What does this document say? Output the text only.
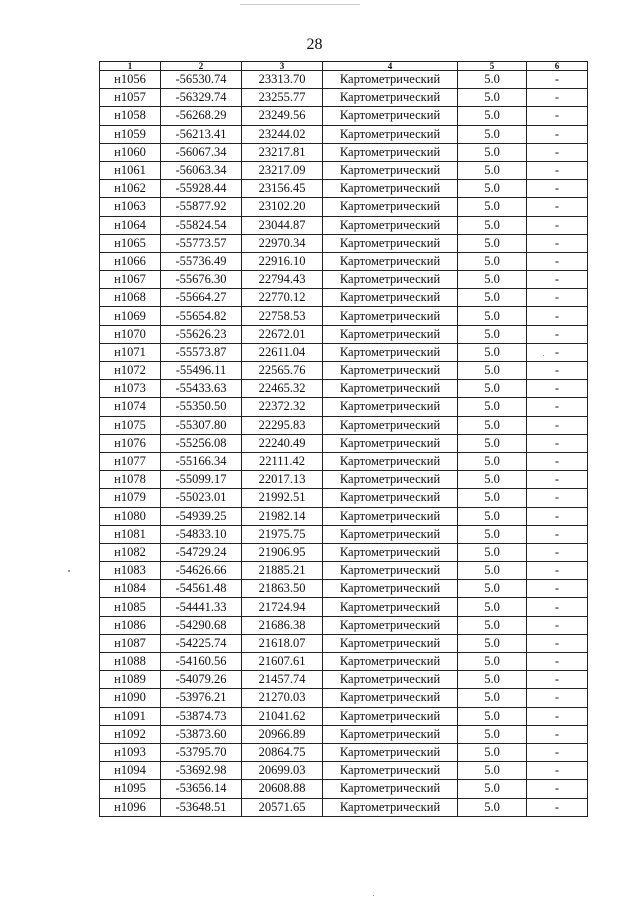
28
1	2	3	4	5	6
н1056	-56530.74	23313.70	Картометрический	5.0	-
н1057	-56329.74	23255.77	Картометрический	5.0	-
н1058	-56268.29	23249.56	Картометрический	5.0	-
н1059	-56213.41	23244.02	Картометрический	5.0	-
н1060	-56067.34	23217.81	Картометрический	5.0	-
н1061	-56063.34	23217.09	Картометрический	5.0	-
н1062	-55928.44	23156.45	Картометрический	5.0	-
н1063	-55877.92	23102.20	Картометрический	5.0	-
н1064	-55824.54	23044.87	Картометрический	5.0	-
н1065	-55773.57	22970.34	Картометрический	5.0	-
н1066	-55736.49	22916.10	Картометрический	5.0	-
н1067	-55676.30	22794.43	Картометрический	5.0	-
н1068	-55664.27	22770.12	Картометрический	5.0	-
н1069	-55654.82	22758.53	Картометрический	5.0	-
н1070	-55626.23	22672.01	Картометрический	5.0	-
н1071	-55573.87	22611.04	Картометрический	5.0	-
н1072	-55496.11	22565.76	Картометрический	5.0	-
н1073	-55433.63	22465.32	Картометрический	5.0	-
н1074	-55350.50	22372.32	Картометрический	5.0	-
н1075	-55307.80	22295.83	Картометрический	5.0	-
н1076	-55256.08	22240.49	Картометрический	5.0	-
н1077	-55166.34	22111.42	Картометрический	5.0	-
н1078	-55099.17	22017.13	Картометрический	5.0	-
н1079	-55023.01	21992.51	Картометрический	5.0	-
н1080	-54939.25	21982.14	Картометрический	5.0	-
н1081	-54833.10	21975.75	Картометрический	5.0	-
н1082	-54729.24	21906.95	Картометрический	5.0	-
н1083	-54626.66	21885.21	Картометрический	5.0	-
н1084	-54561.48	21863.50	Картометрический	5.0	-
н1085	-54441.33	21724.94	Картометрический	5.0	-
н1086	-54290.68	21686.38	Картометрический	5.0	-
н1087	-54225.74	21618.07	Картометрический	5.0	-
н1088	-54160.56	21607.61	Картометрический	5.0	-
н1089	-54079.26	21457.74	Картометрический	5.0	-
н1090	-53976.21	21270.03	Картометрический	5.0	-
н1091	-53874.73	21041.62	Картометрический	5.0	-
н1092	-53873.60	20966.89	Картометрический	5.0	-
н1093	-53795.70	20864.75	Картометрический	5.0	-
н1094	-53692.98	20699.03	Картометрический	5.0	-
н1095	-53656.14	20608.88	Картометрический	5.0	-
н1096	-53648.51	20571.65	Картометрический	5.0	-
